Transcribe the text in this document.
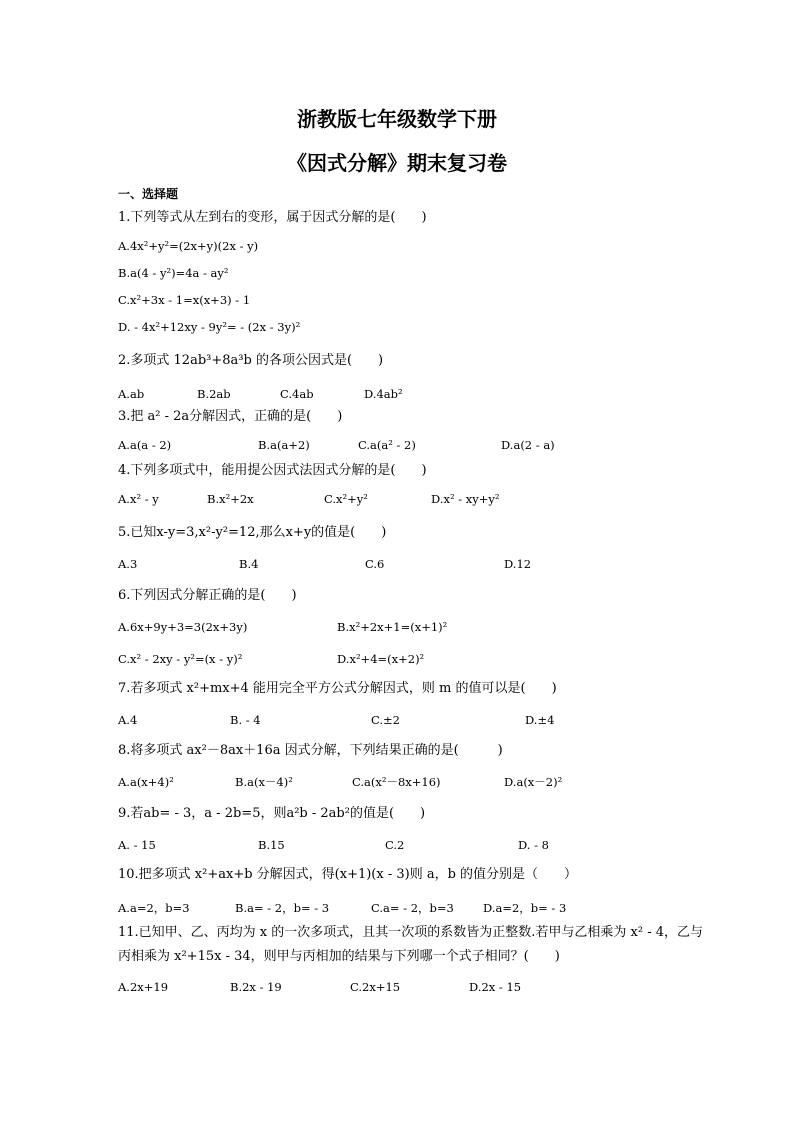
浙教版七年级数学下册
《因式分解》期末复习卷

一、选择题

1.下列等式从左到右的变形，属于因式分解的是(　　)
A.4x²+y²=(2x+y)(2x - y)
B.a(4 - y²)=4a - ay²
C.x²+3x - 1=x(x+3) - 1
D. - 4x²+12xy - 9y²= - (2x - 3y)²
2.多项式 12ab³+8a³b 的各项公因式是(　　)
A.ab	B.2ab	C.4ab	D.4ab²
3.把 a² - 2a分解因式，正确的是(　　)
A.a(a - 2)	B.a(a+2)	C.a(a² - 2)	D.a(2 - a)
4.下列多项式中，能用提公因式法因式分解的是(　　)
A.x² - y	B.x²+2x	C.x²+y²	D.x² - xy+y²
5.已知x-y=3,x²-y²=12,那么x+y的值是(　　)
A.3	B.4	C.6	D.12
6.下列因式分解正确的是(　　)
A.6x+9y+3=3(2x+3y)	B.x²+2x+1=(x+1)²
C.x² - 2xy - y²=(x - y)²	D.x²+4=(x+2)²
7.若多项式 x²+mx+4 能用完全平方公式分解因式，则 m 的值可以是(　　)
A.4	B. - 4	C.±2	D.±4
8.将多项式 ax²－8ax＋16a 因式分解，下列结果正确的是(　　　)
A.a(x+4)²	B.a(x－4)²	C.a(x²－8x+16)	D.a(x－2)²
9.若ab= - 3，a - 2b=5，则a²b - 2ab²的值是(　　)
A. - 15	B.15	C.2	D. - 8
10.把多项式 x²+ax+b 分解因式，得(x+1)(x - 3)则 a，b 的值分别是（　　）
A.a=2，b=3	B.a= - 2，b= - 3	C.a= - 2，b=3	D.a=2，b= - 3
11.已知甲、乙、丙均为 x 的一次多项式，且其一次项的系数皆为正整数.若甲与乙相乘为 x² - 4，乙与丙相乘为 x²+15x - 34，则甲与丙相加的结果与下列哪一个式子相同？(　　)
A.2x+19	B.2x - 19	C.2x+15	D.2x - 15
